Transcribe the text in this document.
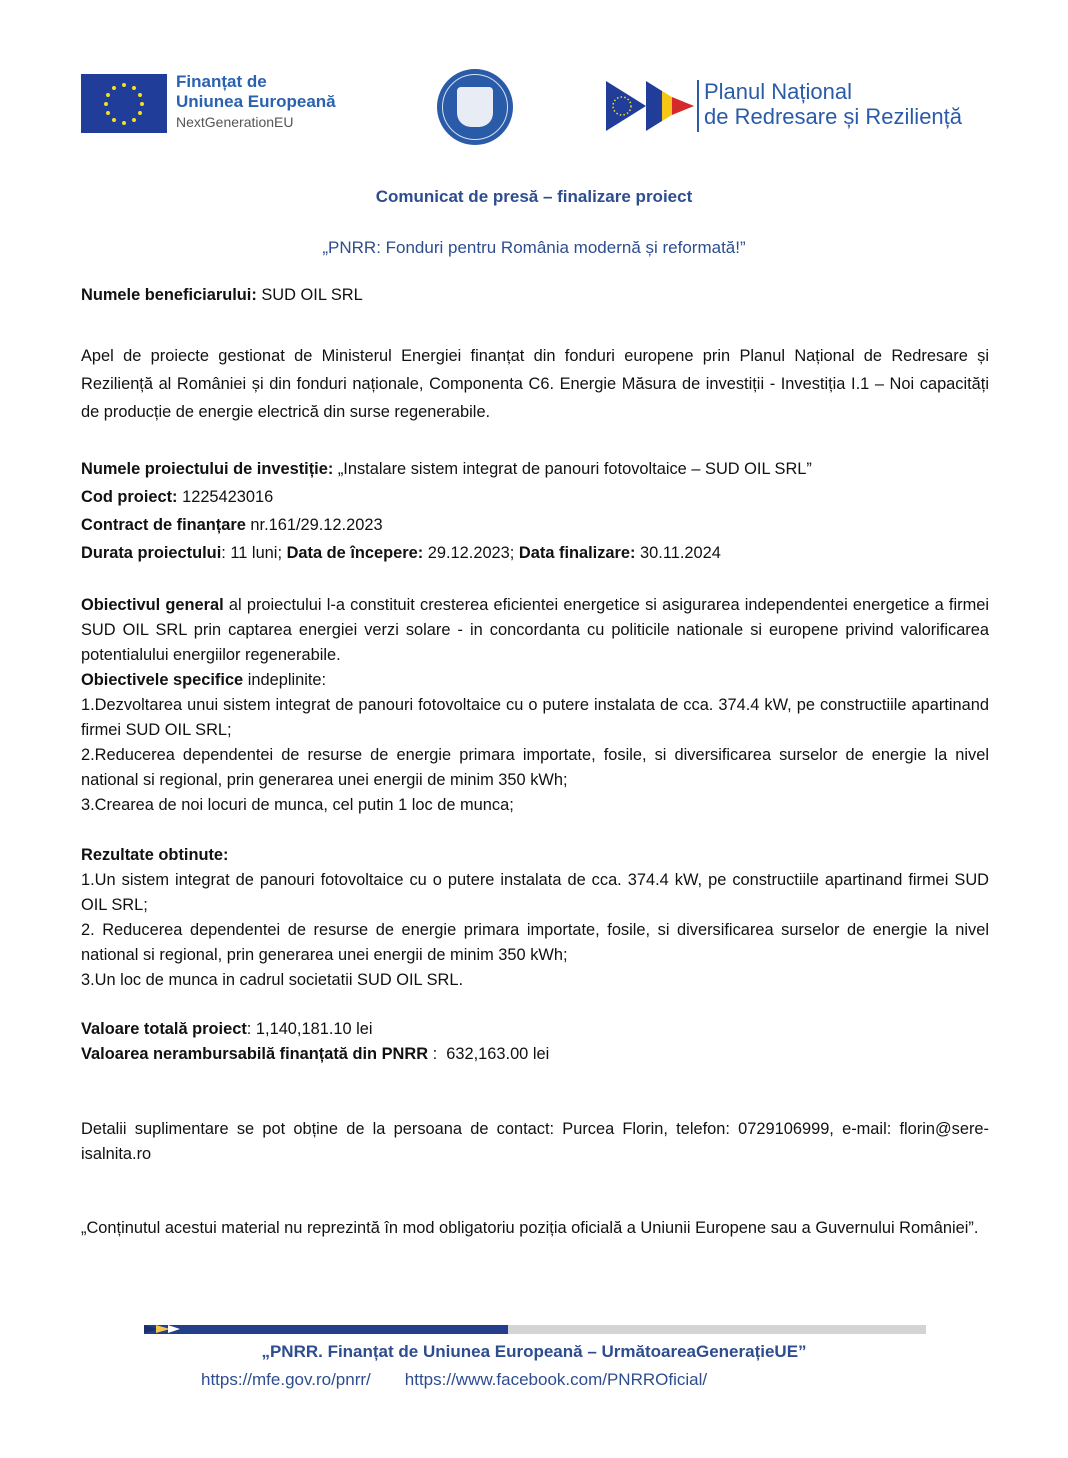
Finanțat de
Uniunea Europeană
NextGenerationEU
Planul Național
de Redresare și Reziliență
Comunicat de presă – finalizare proiect
„PNRR: Fonduri pentru România modernă și reformată!”
Numele beneficiarului: SUD OIL SRL
Apel de proiecte gestionat de Ministerul Energiei finanțat din fonduri europene prin Planul Național de Redresare și Reziliență al României și din fonduri naționale, Componenta C6. Energie Măsura de investiții - Investiția I.1 – Noi capacități de producție de energie electrică din surse regenerabile.

Numele proiectului de investiție: „Instalare sistem integrat de panouri fotovoltaice – SUD OIL SRL”

Cod proiect: 1225423016

Contract de finanțare nr.161/29.12.2023

Durata proiectului: 11 luni; Data de începere: 29.12.2023; Data finalizare: 30.11.2024

Obiectivul general al proiectului l-a constituit cresterea eficientei energetice si asigurarea independentei energetice a firmei SUD OIL SRL prin captarea energiei verzi solare - in concordanta cu politicile nationale si europene privind valorificarea potentialului energiilor regenerabile.

Obiectivele specifice indeplinite:

1.Dezvoltarea unui sistem integrat de panouri fotovoltaice cu o putere instalata de cca. 374.4 kW, pe constructiile apartinand firmei SUD OIL SRL;

2.Reducerea dependentei de resurse de energie primara importate, fosile, si diversificarea surselor de energie la nivel national si regional, prin generarea unei energii de minim 350 kWh;

3.Crearea de noi locuri de munca, cel putin 1 loc de munca;

Rezultate obtinute:

1.Un sistem integrat de panouri fotovoltaice cu o putere instalata de cca. 374.4 kW, pe constructiile apartinand firmei SUD OIL SRL;

2. Reducerea dependentei de resurse de energie primara importate, fosile, si diversificarea surselor de energie la nivel national si regional, prin generarea unei energii de minim 350 kWh;

3.Un loc de munca in cadrul societatii SUD OIL SRL.

Valoare totală proiect: 1,140,181.10 lei

Valoarea nerambursabilă finanțată din PNRR :  632,163.00 lei

Detalii suplimentare se pot obține de la persoana de contact: Purcea Florin, telefon: 0729106999, e-mail: florin@sere-isalnita.ro
„Conținutul acestui material nu reprezintă în mod obligatoriu poziția oficială a Uniunii Europene sau a Guvernului României”.
„PNRR. Finanțat de Uniunea Europeană – UrmătoareaGenerațieUE”
https://mfe.gov.ro/pnrr/ https://www.facebook.com/PNRROficial/
